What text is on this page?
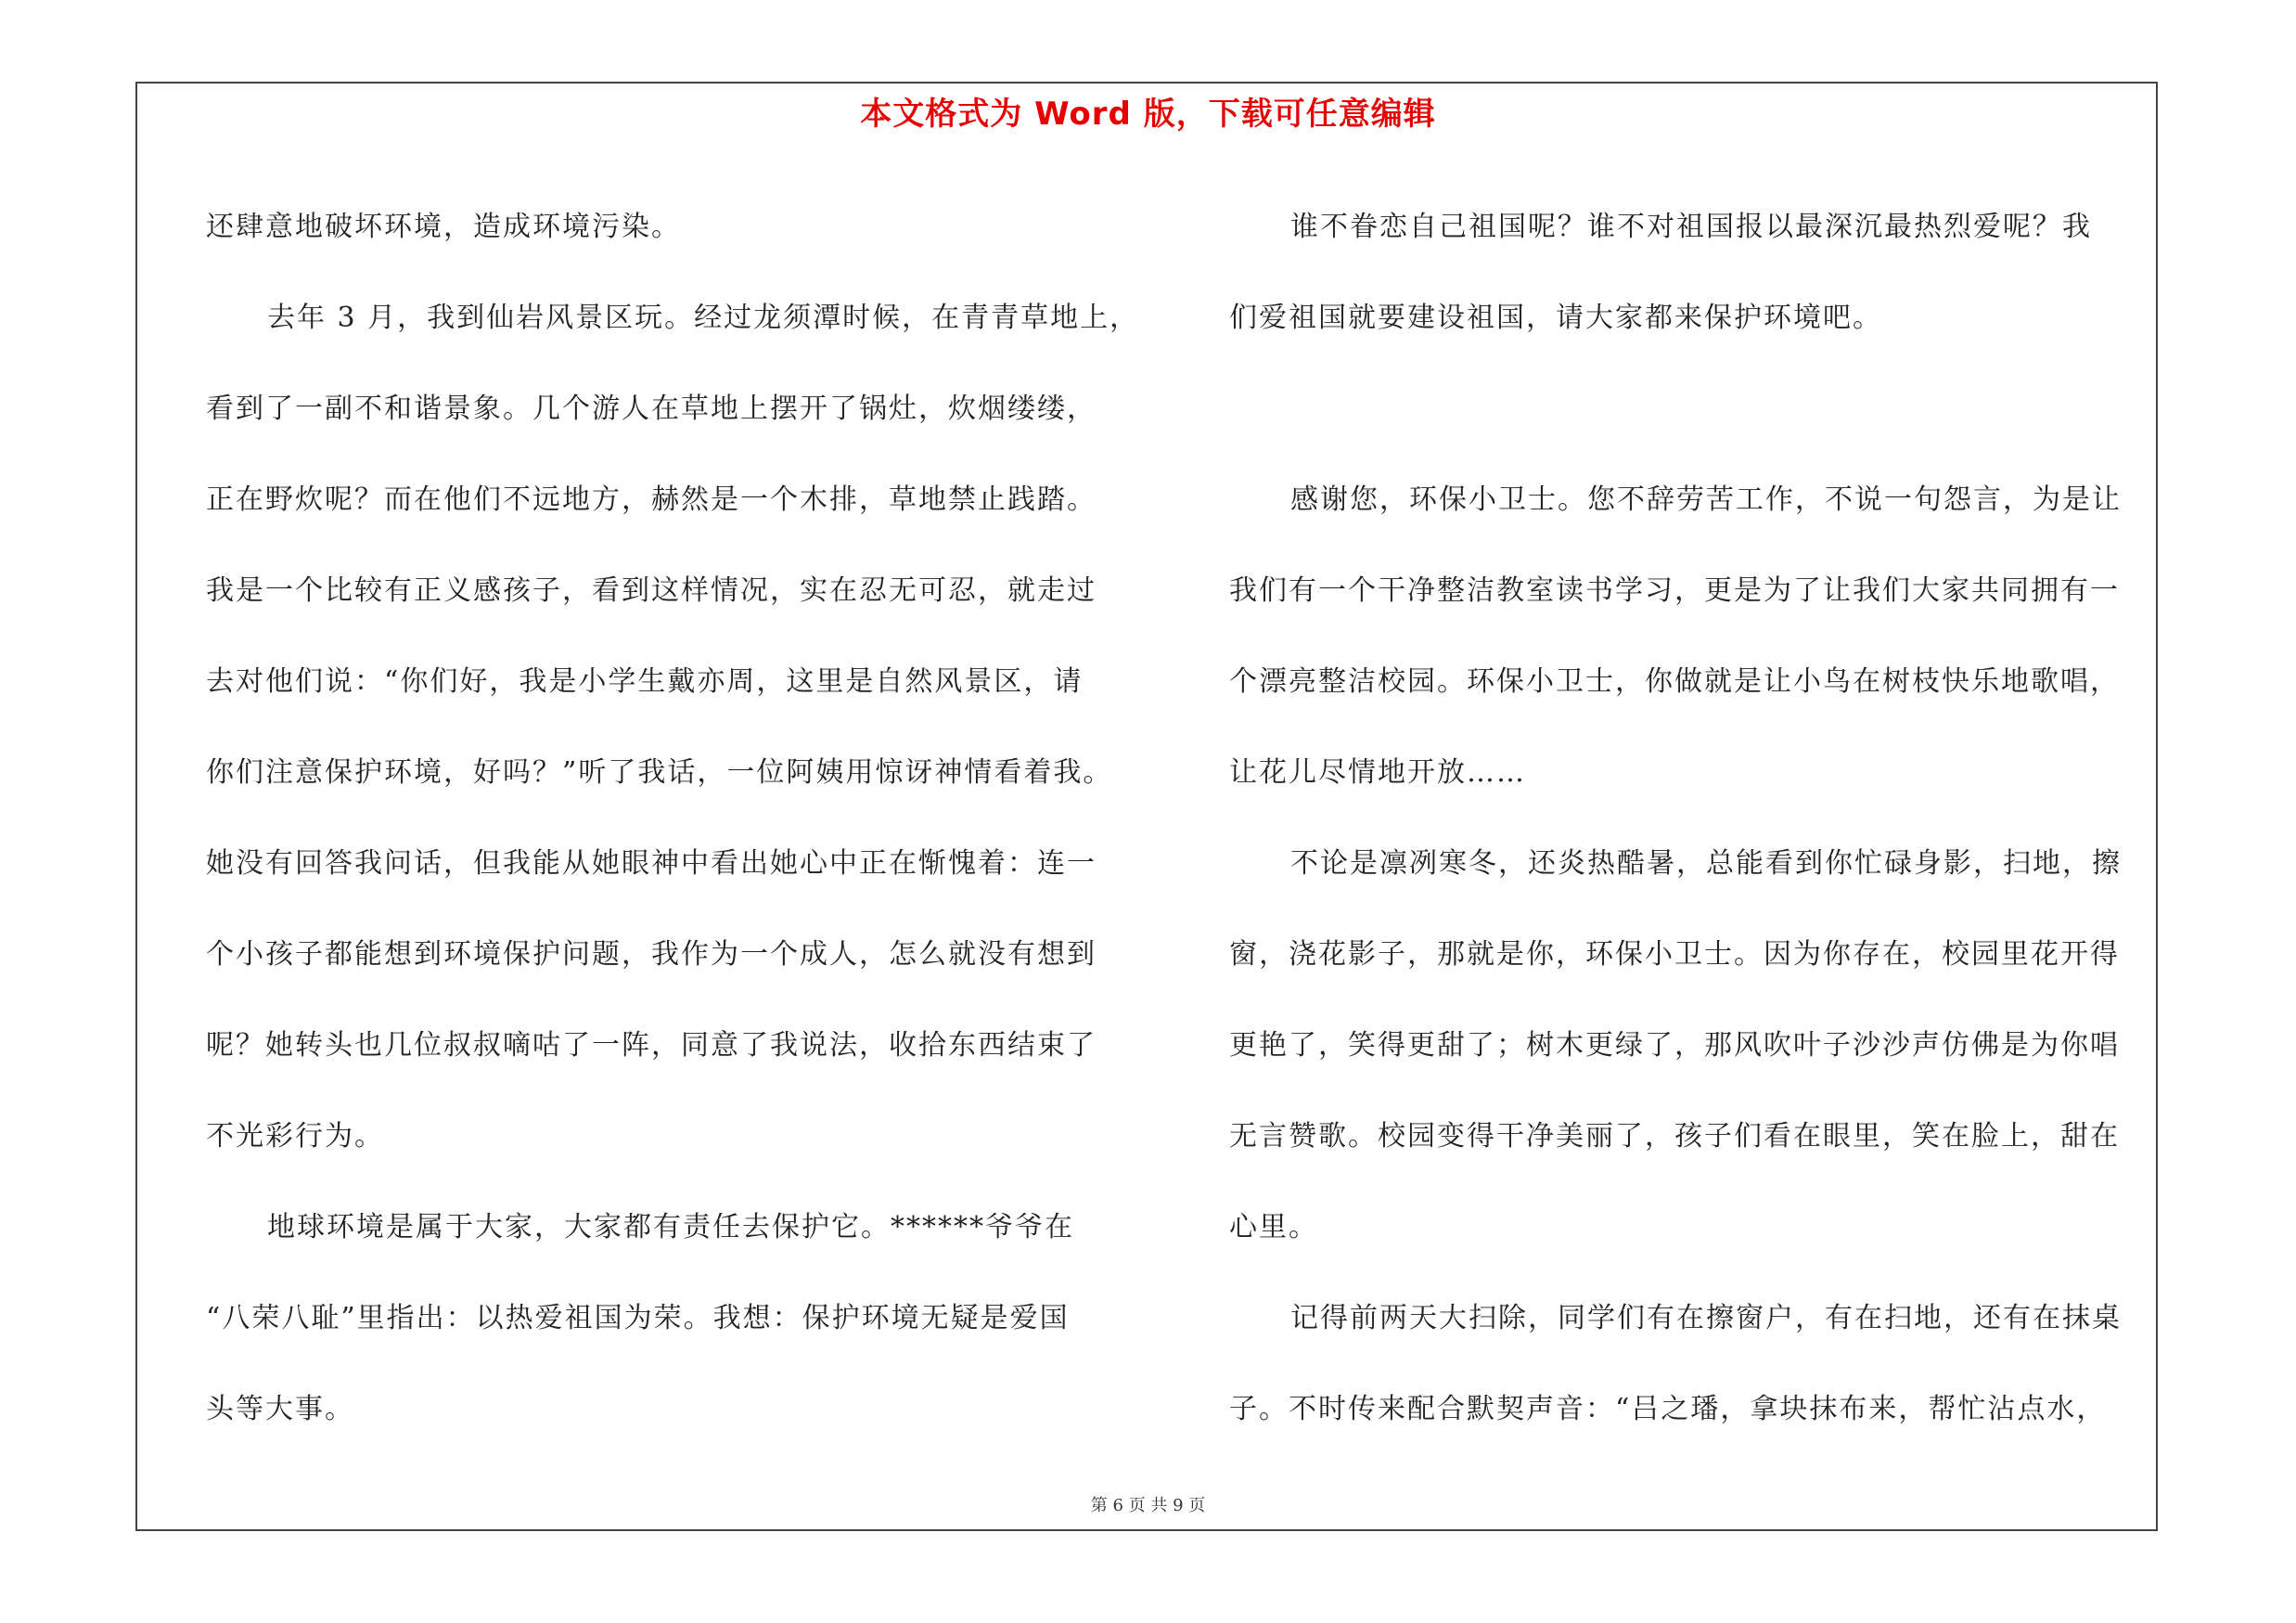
本文格式为 Word 版，下载可任意编辑
还肆意地破坏环境，造成环境污染。
去年 3 月，我到仙岩风景区玩。经过龙须潭时候，在青青草地上，
看到了一副不和谐景象。几个游人在草地上摆开了锅灶，炊烟缕缕，
正在野炊呢？而在他们不远地方，赫然是一个木排，草地禁止践踏。
我是一个比较有正义感孩子，看到这样情况，实在忍无可忍，就走过
去对他们说：“你们好，我是小学生戴亦周，这里是自然风景区，请
你们注意保护环境，好吗？”听了我话，一位阿姨用惊讶神情看着我。
她没有回答我问话，但我能从她眼神中看出她心中正在惭愧着：连一
个小孩子都能想到环境保护问题，我作为一个成人，怎么就没有想到
呢？她转头也几位叔叔嘀咕了一阵，同意了我说法，收拾东西结束了
不光彩行为。
地球环境是属于大家，大家都有责任去保护它。******爷爷在
“八荣八耻”里指出：以热爱祖国为荣。我想：保护环境无疑是爱国
头等大事。
谁不眷恋自己祖国呢？谁不对祖国报以最深沉最热烈爱呢？我
们爱祖国就要建设祖国，请大家都来保护环境吧。
感谢您，环保小卫士。您不辞劳苦工作，不说一句怨言，为是让
我们有一个干净整洁教室读书学习，更是为了让我们大家共同拥有一
个漂亮整洁校园。环保小卫士，你做就是让小鸟在树枝快乐地歌唱，
让花儿尽情地开放……
不论是凛冽寒冬，还炎热酷暑，总能看到你忙碌身影，扫地，擦
窗，浇花影子，那就是你，环保小卫士。因为你存在，校园里花开得
更艳了，笑得更甜了；树木更绿了，那风吹叶子沙沙声仿佛是为你唱
无言赞歌。校园变得干净美丽了，孩子们看在眼里，笑在脸上，甜在
心里。
记得前两天大扫除，同学们有在擦窗户，有在扫地，还有在抹桌
子。不时传来配合默契声音：“吕之璠，拿块抹布来，帮忙沾点水，
第 6 页 共 9 页
